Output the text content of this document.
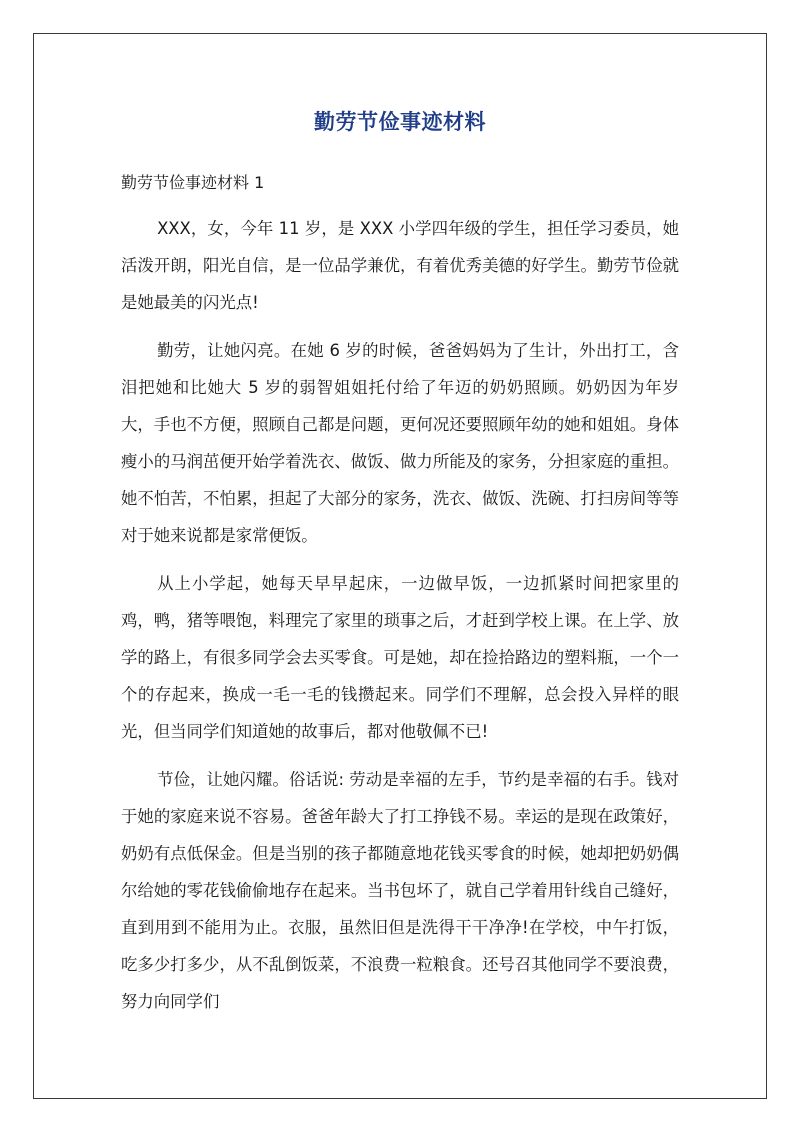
勤劳节俭事迹材料
勤劳节俭事迹材料 1

XXX，女，今年 11 岁，是 XXX 小学四年级的学生，担任学习委员，她活泼开朗，阳光自信，是一位品学兼优，有着优秀美德的好学生。勤劳节俭就是她最美的闪光点!

勤劳，让她闪亮。在她 6 岁的时候，爸爸妈妈为了生计，外出打工，含泪把她和比她大 5 岁的弱智姐姐托付给了年迈的奶奶照顾。奶奶因为年岁大，手也不方便，照顾自己都是问题，更何况还要照顾年幼的她和姐姐。身体瘦小的马润茁便开始学着洗衣、做饭、做力所能及的家务，分担家庭的重担。她不怕苦，不怕累，担起了大部分的家务，洗衣、做饭、洗碗、打扫房间等等对于她来说都是家常便饭。

从上小学起，她每天早早起床，一边做早饭，一边抓紧时间把家里的鸡，鸭，猪等喂饱，料理完了家里的琐事之后，才赶到学校上课。在上学、放学的路上，有很多同学会去买零食。可是她，却在捡拾路边的塑料瓶，一个一个的存起来，换成一毛一毛的钱攒起来。同学们不理解，总会投入异样的眼光，但当同学们知道她的故事后，都对他敬佩不已!

节俭，让她闪耀。俗话说: 劳动是幸福的左手，节约是幸福的右手。钱对于她的家庭来说不容易。爸爸年龄大了打工挣钱不易。幸运的是现在政策好，奶奶有点低保金。但是当别的孩子都随意地花钱买零食的时候，她却把奶奶偶尔给她的零花钱偷偷地存在起来。当书包坏了，就自己学着用针线自己缝好，直到用到不能用为止。衣服，虽然旧但是洗得干干净净!在学校，中午打饭，吃多少打多少，从不乱倒饭菜，不浪费一粒粮食。还号召其他同学不要浪费，努力向同学们
